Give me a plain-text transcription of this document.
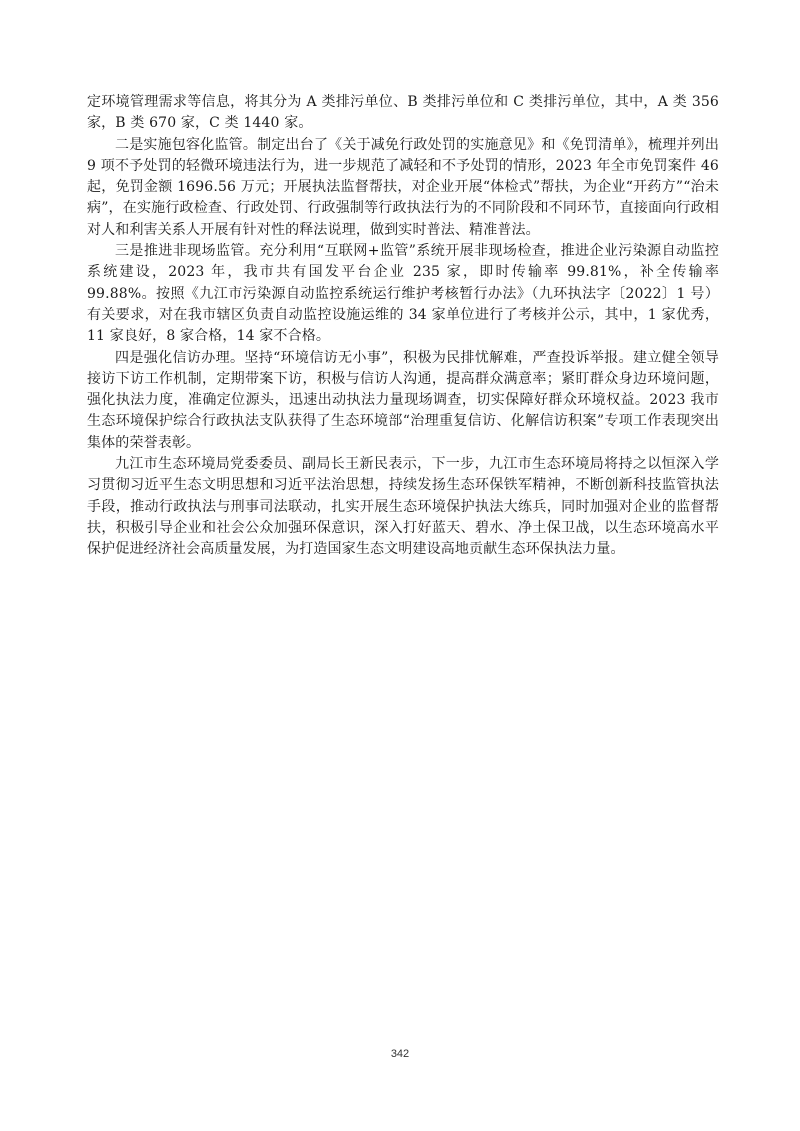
定环境管理需求等信息，将其分为 A 类排污单位、B 类排污单位和 C 类排污单位，其中，A 类 356 家，B 类 670 家，C 类 1440 家。

二是实施包容化监管。制定出台了《关于减免行政处罚的实施意见》和《免罚清单》，梳理并列出 9 项不予处罚的轻微环境违法行为，进一步规范了减轻和不予处罚的情形，2023 年全市免罚案件 46 起，免罚金额 1696.56 万元；开展执法监督帮扶，对企业开展“体检式”帮扶，为企业“开药方”“治未病”，在实施行政检查、行政处罚、行政强制等行政执法行为的不同阶段和不同环节，直接面向行政相对人和利害关系人开展有针对性的释法说理，做到实时普法、精准普法。

三是推进非现场监管。充分利用“互联网+监管”系统开展非现场检查，推进企业污染源自动监控系统建设，2023 年，我市共有国发平台企业 235 家，即时传输率 99.81%，补全传输率 99.88%。按照《九江市污染源自动监控系统运行维护考核暂行办法》（九环执法字〔2022〕1 号）有关要求，对在我市辖区负责自动监控设施运维的 34 家单位进行了考核并公示，其中，1 家优秀，11 家良好，8 家合格，14 家不合格。

四是强化信访办理。坚持“环境信访无小事”，积极为民排忧解难，严查投诉举报。建立健全领导接访下访工作机制，定期带案下访，积极与信访人沟通，提高群众满意率；紧盯群众身边环境问题，强化执法力度，准确定位源头，迅速出动执法力量现场调查，切实保障好群众环境权益。2023 我市生态环境保护综合行政执法支队获得了生态环境部“治理重复信访、化解信访积案”专项工作表现突出集体的荣誉表彰。

九江市生态环境局党委委员、副局长王新民表示，下一步，九江市生态环境局将持之以恒深入学习贯彻习近平生态文明思想和习近平法治思想，持续发扬生态环保铁军精神，不断创新科技监管执法手段，推动行政执法与刑事司法联动，扎实开展生态环境保护执法大练兵，同时加强对企业的监督帮扶，积极引导企业和社会公众加强环保意识，深入打好蓝天、碧水、净土保卫战，以生态环境高水平保护促进经济社会高质量发展，为打造国家生态文明建设高地贡献生态环保执法力量。

342
